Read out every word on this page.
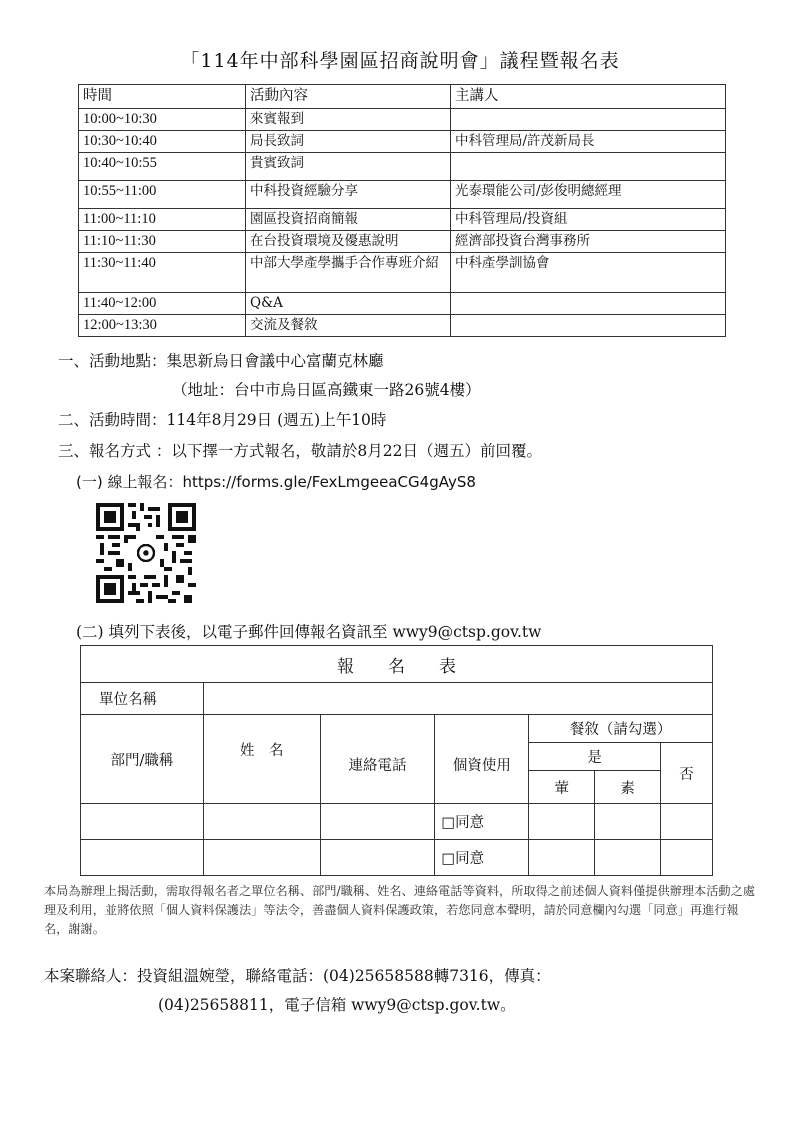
「114年中部科學園區招商說明會」議程暨報名表
時間	活動內容	主講人
10:00~10:30	來賓報到	
10:30~10:40	局長致詞	中科管理局/許茂新局長
10:40~10:55	貴賓致詞	
10:55~11:00	中科投資經驗分享	光泰環能公司/彭俊明總經理
11:00~11:10	園區投資招商簡報	中科管理局/投資組
11:10~11:30	在台投資環境及優惠說明	經濟部投資台灣事務所
11:30~11:40	中部大學產學攜手合作專班介紹	中科產學訓協會
11:40~12:00	Q&A	
12:00~13:30	交流及餐敘	
一、活動地點：集思新烏日會議中心富蘭克林廳
（地址：台中市烏日區高鐵東一路26號4樓）
二、活動時間：114年8月29日 (週五)上午10時
三、報名方式 ：以下擇一方式報名，敬請於8月22日（週五）前回覆。
(一) 線上報名：https://forms.gle/FexLmgeeaCG4gAyS8
(二) 填列下表後，以電子郵件回傳報名資訊至 wwy9@ctsp.gov.tw
報　　名　　表						
單位名稱						
部門/職稱	姓　名	連絡電話	個資使用	餐敘（請勾選）		
				是		否
				葷	素	
			□同意			
			□同意			
本局為辦理上揭活動，需取得報名者之單位名稱、部門/職稱、姓名、連絡電話等資料，所取得之前述個人資料僅提供辦理本活動之處理及利用，並將依照「個人資料保護法」等法令，善盡個人資料保護政策，若您同意本聲明，請於同意欄內勾選「同意」再進行報名，謝謝。
本案聯絡人：投資組溫婉瑩，聯絡電話：(04)25658588轉7316，傳真：
(04)25658811，電子信箱 wwy9@ctsp.gov.tw。
